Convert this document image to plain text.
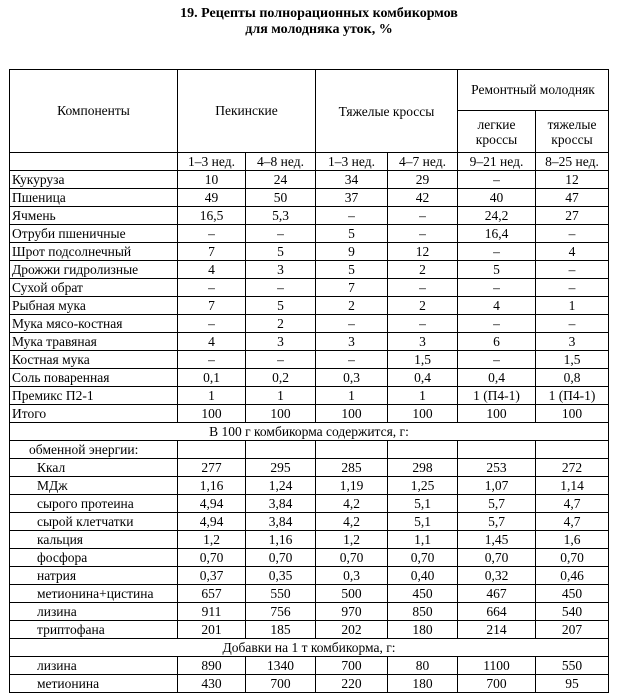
19. Рецепты полнорационных комбикормов
для молодняка уток, %
Компоненты	Пекинские		Тяжелые кроссы		Ремонтный молодняк	
					легкие кроссы	тяжелые кроссы
	1–3 нед.	4–8 нед.	1–3 нед.	4–7 нед.	9–21 нед.	8–25 нед.
Кукуруза	10	24	34	29	–	12
Пшеница	49	50	37	42	40	47
Ячмень	16,5	5,3	–	–	24,2	27
Отруби пшеничные	–	–	5	–	16,4	–
Шрот подсолнечный	7	5	9	12	–	4
Дрожжи гидролизные	4	3	5	2	5	–
Сухой обрат	–	–	7	–	–	–
Рыбная мука	7	5	2	2	4	1
Мука мясо-костная	–	2	–	–	–	–
Мука травяная	4	3	3	3	6	3
Костная мука	–	–	–	1,5	–	1,5
Соль поваренная	0,1	0,2	0,3	0,4	0,4	0,8
Премикс П2-1	1	1	1	1	1 (П4-1)	1 (П4-1)
Итого	100	100	100	100	100	100
В 100 г комбикорма содержится, г:						
обменной энергии:						
Ккал	277	295	285	298	253	272
МДж	1,16	1,24	1,19	1,25	1,07	1,14
сырого протеина	4,94	3,84	4,2	5,1	5,7	4,7
сырой клетчатки	4,94	3,84	4,2	5,1	5,7	4,7
кальция	1,2	1,16	1,2	1,1	1,45	1,6
фосфора	0,70	0,70	0,70	0,70	0,70	0,70
натрия	0,37	0,35	0,3	0,40	0,32	0,46
метионина+цистина	657	550	500	450	467	450
лизина	911	756	970	850	664	540
триптофана	201	185	202	180	214	207
Добавки на 1 т комбикорма, г:						
лизина	890	1340	700	80	1100	550
метионина	430	700	220	180	700	95
